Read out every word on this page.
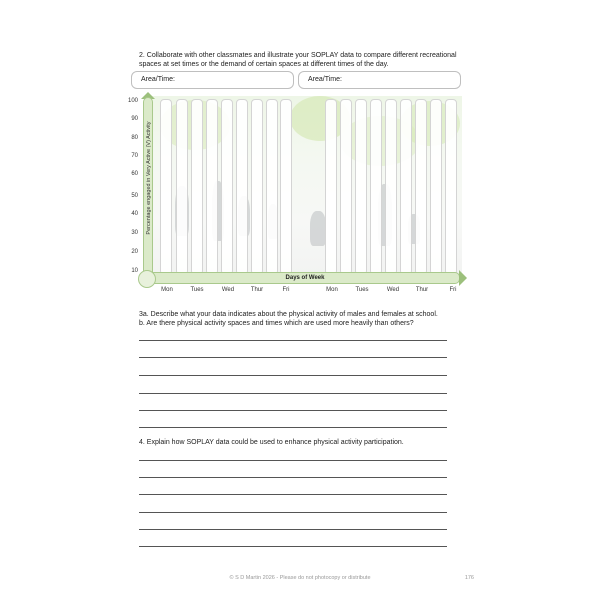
2. Collaborate with other classmates and illustrate your SOPLAY data to compare different recreational spaces at set times or the demand of certain spaces at different times of the day.
Area/Time:	Area/Time:
Percentage engaged in Very Active (V) Activity
Days of Week
100
90
80
70
60
50
40
30
20
10
Mon	Tues	Wed	Thur	Fri	Mon	Tues	Wed	Thur	Fri
3a. Describe what your data indicates about the physical activity of males and females at school.
b. Are there physical activity spaces and times which are used more heavily than others?
4. Explain how SOPLAY data could be used to enhance physical activity participation.
© S D Martin 2026 - Please do not photocopy or distribute	176
